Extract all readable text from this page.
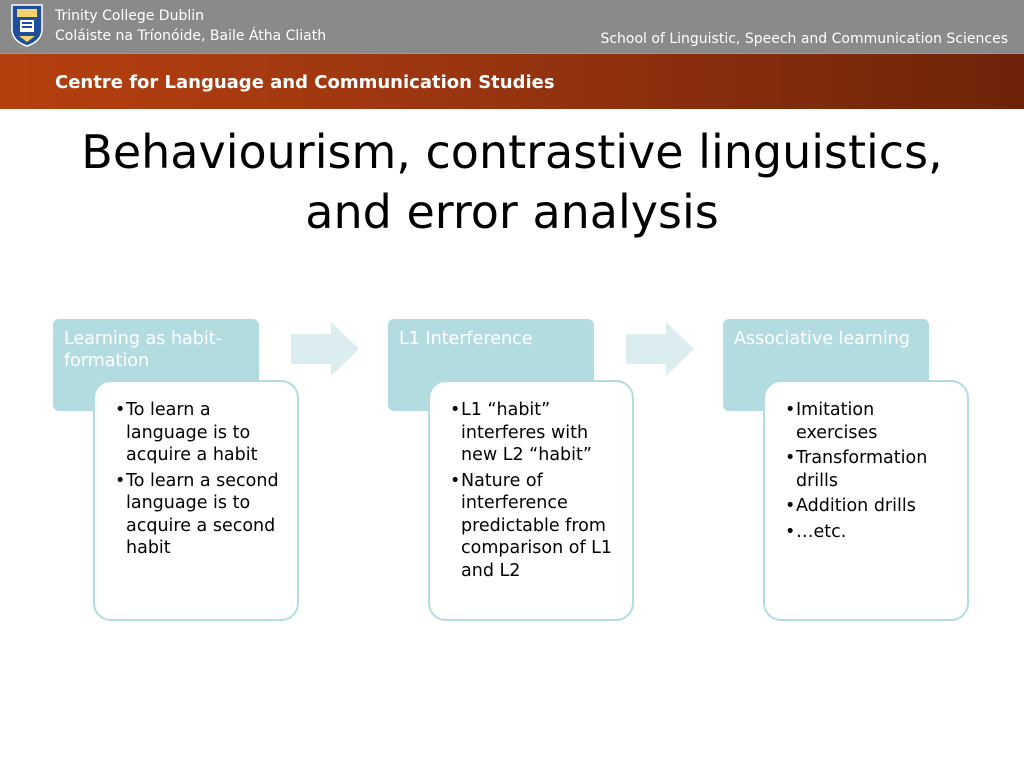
Trinity College Dublin
Coláiste na Tríonóide, Baile Átha Cliath	School of Linguistic, Speech and Communication Sciences
Centre for Language and Communication Studies
Behaviourism, contrastive linguistics,
and error analysis
Learning as habit-formation
• To learn a language is to acquire a habit
• To learn a second language is to acquire a second habit
L1 Interference
• L1 “habit” interferes with new L2 “habit”
• Nature of interference predictable from comparison of L1 and L2
Associative learning
• Imitation exercises
• Transformation drills
• Addition drills
• …etc.
